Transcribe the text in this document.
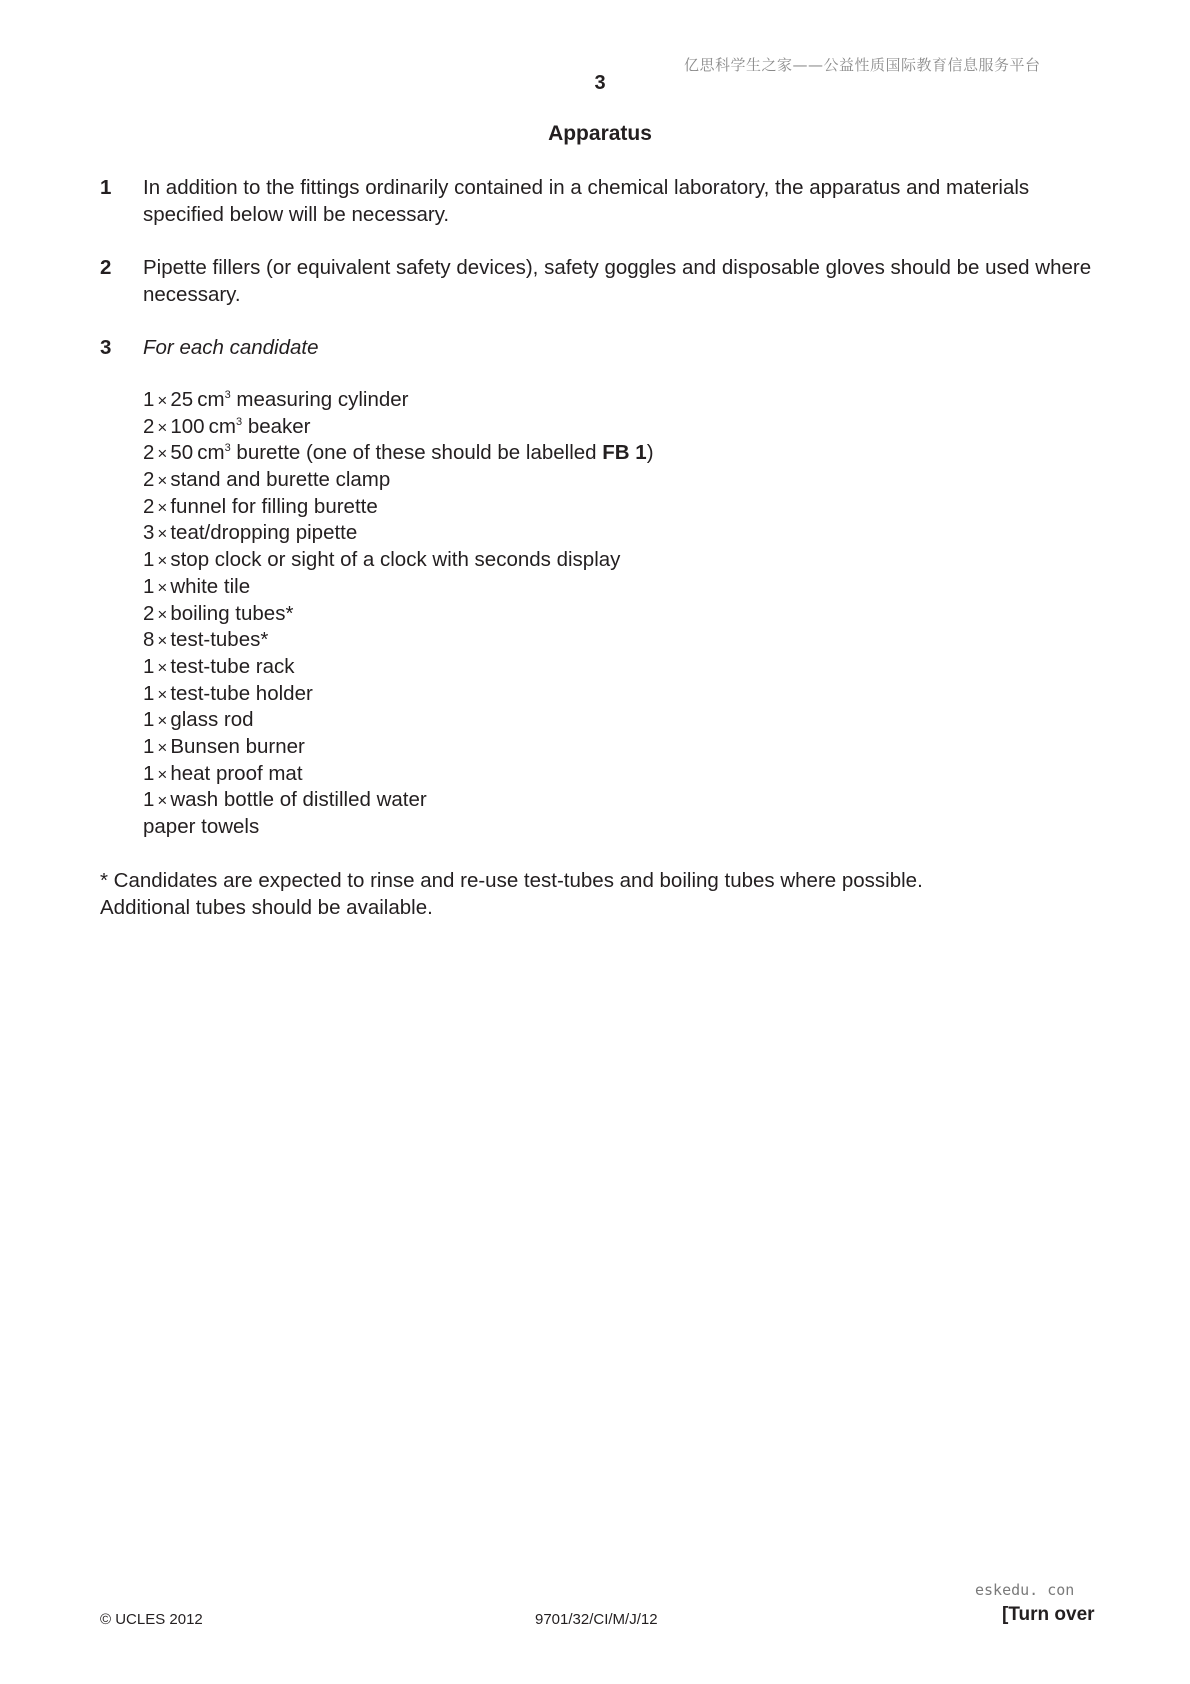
亿思科学生之家——公益性质国际教育信息服务平台
3
Apparatus
1	In addition to the fittings ordinarily contained in a chemical laboratory, the apparatus and materials specified below will be necessary.
2	Pipette fillers (or equivalent safety devices), safety goggles and disposable gloves should be used where necessary.
3	For each candidate
1 × 25  $cm^3$ measuring cylinder
2 × 100  $cm^3$ beaker
2 × 50  $cm^3$ burette (one of these should be labelled FB 1)
2 × stand and burette clamp
2 × funnel for filling burette
3 × teat/dropping pipette
1 × stop clock or sight of a clock with seconds display
1 × white tile
2 × boiling tubes*
8 × test-tubes*
1 × test-tube rack
1 × test-tube holder
1 × glass rod
1 × Bunsen burner
1 × heat proof mat
1 × wash bottle of distilled water
paper towels
* Candidates are expected to rinse and re-use test-tubes and boiling tubes where possible.
Additional tubes should be available.
© UCLES 2012	9701/32/CI/M/J/12
eskedu. con
[Turn over
